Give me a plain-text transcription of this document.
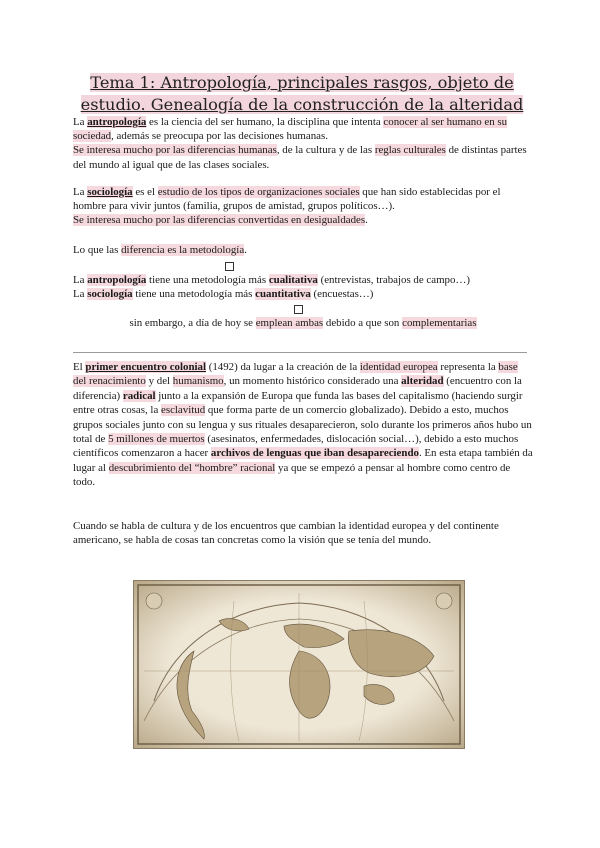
Tema 1: Antropología, principales rasgos, objeto de
estudio. Genealogía de la construcción de la alteridad
La antropología es la ciencia del ser humano, la disciplina que intenta conocer al ser humano en su sociedad, además se preocupa por las decisiones humanas.
Se interesa mucho por las diferencias humanas, de la cultura y de las reglas culturales de distintas partes del mundo al igual que de las clases sociales.
La sociología es el estudio de los tipos de organizaciones sociales que han sido establecidas por el hombre para vivir juntos (familia, grupos de amistad, grupos políticos…).
Se interesa mucho por las diferencias convertidas en desigualdades.
Lo que las diferencia es la metodología.
La antropología tiene una metodología más cualitativa (entrevistas, trabajos de campo…)
La sociología tiene una metodología más cuantitativa (encuestas…)
sin embargo, a día de hoy se emplean ambas debido a que son complementarias
El primer encuentro colonial (1492) da lugar a la creación de la identidad europea representa la base del renacimiento y del humanismo, un momento histórico considerado una alteridad (encuentro con la diferencia) radical junto a la expansión de Europa que funda las bases del capitalismo (haciendo surgir entre otras cosas, la esclavitud que forma parte de un comercio globalizado). Debido a esto, muchos grupos sociales junto con su lengua y sus rituales desaparecieron, solo durante los primeros años hubo un total de 5 millones de muertos (asesinatos, enfermedades, dislocación social…), debido a esto muchos científicos comenzaron a hacer archivos de lenguas que iban desapareciendo. En esta etapa también da lugar al descubrimiento del “hombre” racional ya que se empezó a pensar al hombre como centro de todo.
Cuando se habla de cultura y de los encuentros que cambian la identidad europea y del continente americano, se habla de cosas tan concretas como la visión que se tenía del mundo.
